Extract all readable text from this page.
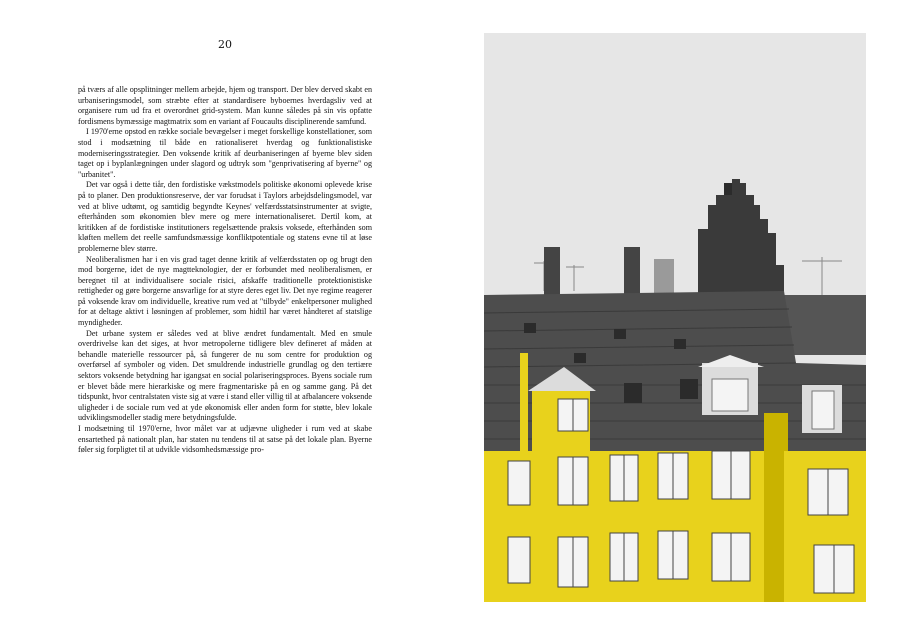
20

på tværs af alle opsplitninger mellem arbejde, hjem og transport. Der blev derved skabt en urbaniseringsmodel, som stræbte efter at standardisere byboernes hverdagsliv ved at organisere rum ud fra et overordnet grid-system. Man kunne således på sin vis opfatte fordismens bymæssige magtmatrix som en variant af Foucaults disciplinerende samfund.

I 1970'erne opstod en række sociale bevægelser i meget forskellige konstellationer, som stod i modsætning til både en rationaliseret hverdag og funktionalistiske moderniseringsstrategier. Den voksende kritik af deurbaniseringen af byerne blev siden taget op i byplanlægningen under slagord og udtryk som "genprivatisering af byerne" og "urbanitet".

Det var også i dette tiår, den fordistiske vækstmodels politiske økonomi oplevede krise på to planer. Den produktionsreserve, der var forudsat i Taylors arbejdsdelingsmodel, var ved at blive udtømt, og samtidig begyndte Keynes' velfærdsstatsinstrumenter at svigte, efterhånden som økonomien blev mere og mere internationaliseret. Dertil kom, at kritikken af de fordistiske institutioners regelsættende praksis voksede, efterhånden som kløften mellem det reelle samfundsmæssige konfliktpotentiale og statens evne til at løse problemerne blev større.

Neoliberalismen har i en vis grad taget denne kritik af velfærdsstaten op og brugt den mod borgerne, idet de nye magtteknologier, der er forbundet med neoliberalismen, er beregnet til at individualisere sociale risici, afskaffe traditionelle protektionistiske rettigheder og gøre borgerne ansvarlige for at styre deres eget liv. Det nye regime reagerer på voksende krav om individuelle, kreative rum ved at "tilbyde" enkeltpersoner mulighed for at deltage aktivt i løsningen af problemer, som hidtil har været håndteret af statslige myndigheder.

Det urbane system er således ved at blive ændret fundamentalt. Med en smule overdrivelse kan det siges, at hvor metropolerne tidligere blev defineret af måden at behandle materielle ressourcer på, så fungerer de nu som centre for produktion og overførsel af symboler og viden. Det smuldrende industrielle grundlag og den tertiære sektors voksende betydning har igangsat en social polariseringsproces. Byens sociale rum er blevet både mere hierarkiske og mere fragmentariske på en og samme gang. På det tidspunkt, hvor centralstaten viste sig at være i stand eller villig til at afbalancere voksende uligheder i de sociale rum ved at yde økonomisk eller anden form for støtte, blev lokale udviklingsmodeller stadig mere betydningsfulde.

I modsætning til 1970'erne, hvor målet var at udjævne uligheder i rum ved at skabe ensartethed på nationalt plan, har staten nu tendens til at satse på det lokale plan. Byerne føler sig forpligtet til at udvikle vidsomhedsmæssige pro-
